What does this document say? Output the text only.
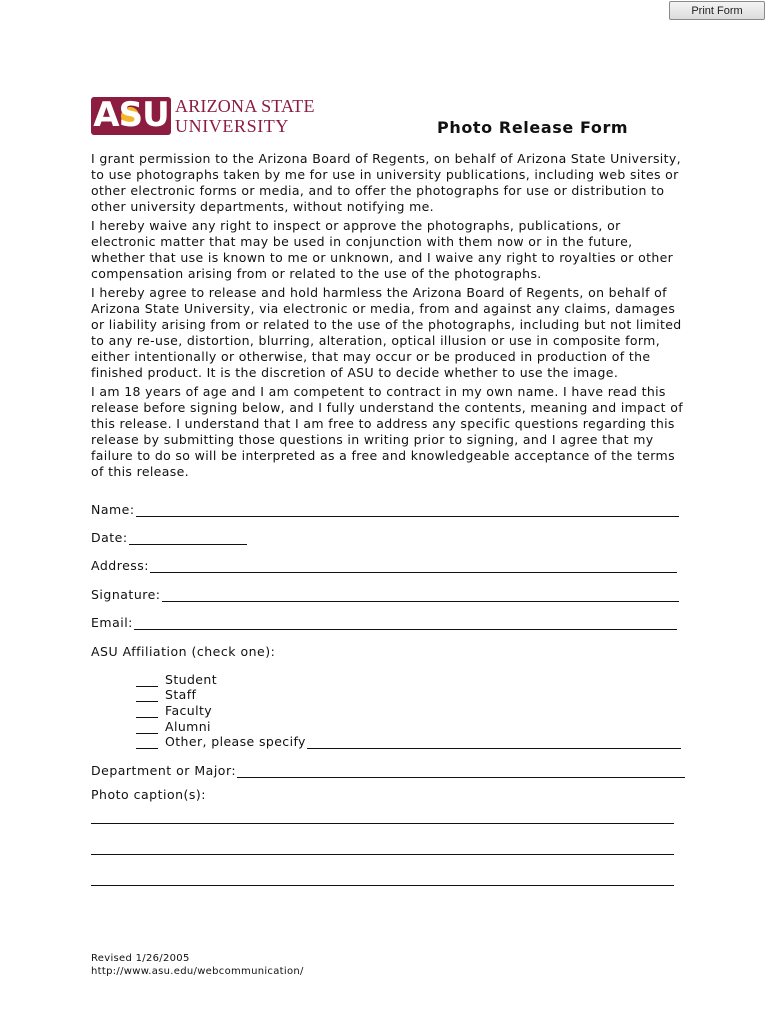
Print Form
ASU ARIZONA STATE
UNIVERSITY	Photo Release Form

I grant permission to the Arizona Board of Regents, on behalf of Arizona State University, to use photographs taken by me for use in university publications, including web sites or other electronic forms or media, and to offer the photographs for use or distribution to other university departments, without notifying me.

I hereby waive any right to inspect or approve the photographs, publications, or electronic matter that may be used in conjunction with them now or in the future, whether that use is known to me or unknown, and I waive any right to royalties or other compensation arising from or related to the use of the photographs.

I hereby agree to release and hold harmless the Arizona Board of Regents, on behalf of Arizona State University, via electronic or media, from and against any claims, damages or liability arising from or related to the use of the photographs, including but not limited to any re-use, distortion, blurring, alteration, optical illusion or use in composite form, either intentionally or otherwise, that may occur or be produced in production of the finished product. It is the discretion of ASU to decide whether to use the image.

I am 18 years of age and I am competent to contract in my own name. I have read this release before signing below, and I fully understand the contents, meaning and impact of this release. I understand that I am free to address any specific questions regarding this release by submitting those questions in writing prior to signing, and I agree that my failure to do so will be interpreted as a free and knowledgeable acceptance of the terms of this release.

Name:
Date:
Address:
Signature:
Email:
ASU Affiliation (check one):
Student
Staff
Faculty
Alumni
Other, please specify
Department or Major:
Photo caption(s):
Revised 1/26/2005
http://www.asu.edu/webcommunication/
